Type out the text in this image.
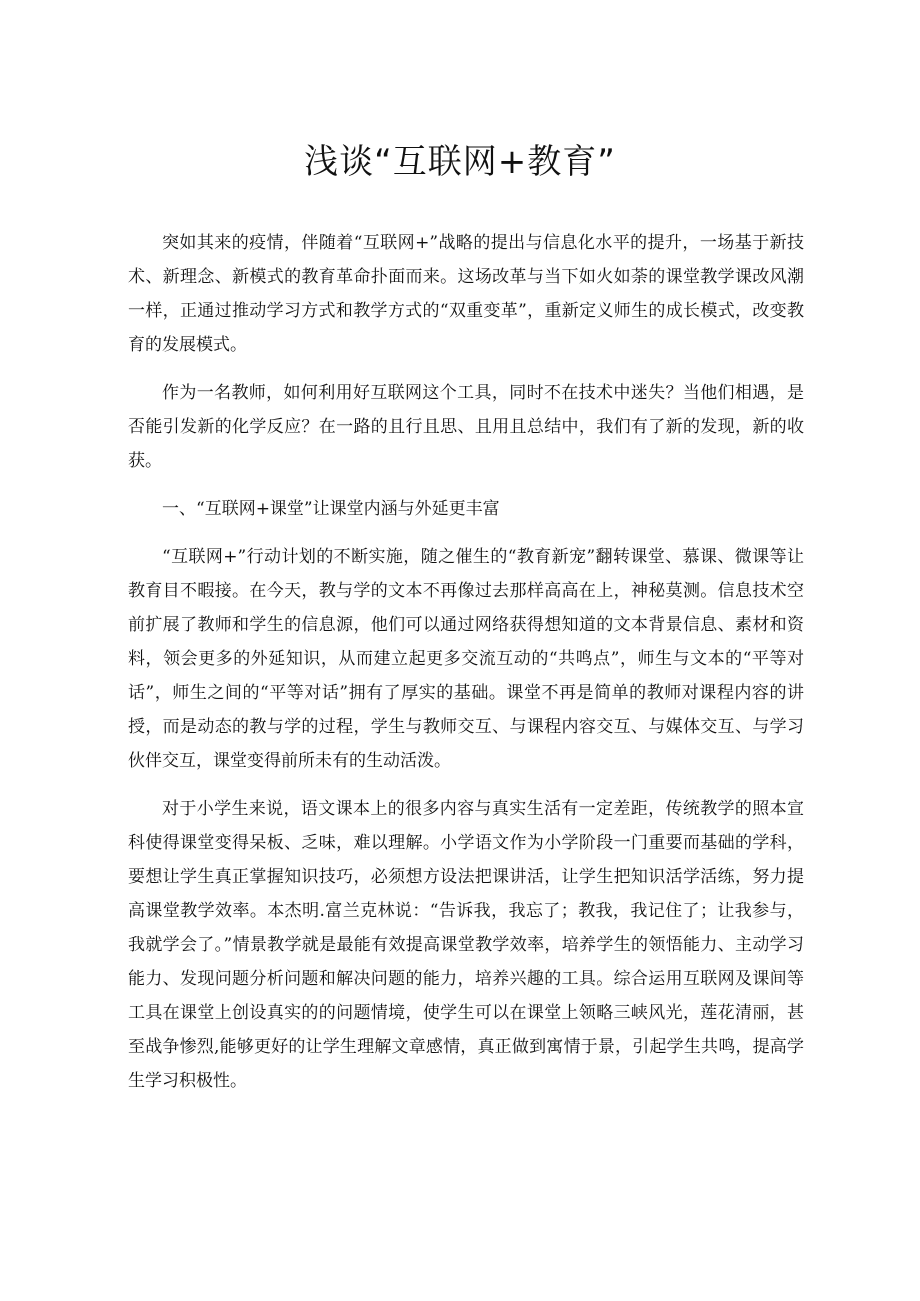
浅谈“互联网+教育”

突如其来的疫情，伴随着“互联网+”战略的提出与信息化水平的提升，一场基于新技术、新理念、新模式的教育革命扑面而来。这场改革与当下如火如荼的课堂教学课改风潮一样，正通过推动学习方式和教学方式的“双重变革”，重新定义师生的成长模式，改变教育的发展模式。

作为一名教师，如何利用好互联网这个工具，同时不在技术中迷失？当他们相遇，是否能引发新的化学反应？在一路的且行且思、且用且总结中，我们有了新的发现，新的收获。

一、“互联网+课堂”让课堂内涵与外延更丰富

“互联网+”行动计划的不断实施，随之催生的“教育新宠”翻转课堂、慕课、微课等让教育目不暇接。在今天，教与学的文本不再像过去那样高高在上，神秘莫测。信息技术空前扩展了教师和学生的信息源，他们可以通过网络获得想知道的文本背景信息、素材和资料，领会更多的外延知识，从而建立起更多交流互动的“共鸣点”，师生与文本的“平等对话”，师生之间的“平等对话”拥有了厚实的基础。课堂不再是简单的教师对课程内容的讲授，而是动态的教与学的过程，学生与教师交互、与课程内容交互、与媒体交互、与学习伙伴交互，课堂变得前所未有的生动活泼。

对于小学生来说，语文课本上的很多内容与真实生活有一定差距，传统教学的照本宣科使得课堂变得呆板、乏味，难以理解。小学语文作为小学阶段一门重要而基础的学科，要想让学生真正掌握知识技巧，必须想方设法把课讲活，让学生把知识活学活练，努力提高课堂教学效率。本杰明.富兰克林说：“告诉我，我忘了；教我，我记住了；让我参与，我就学会了。”情景教学就是最能有效提高课堂教学效率，培养学生的领悟能力、主动学习能力、发现问题分析问题和解决问题的能力，培养兴趣的工具。综合运用互联网及课间等工具在课堂上创设真实的的问题情境，使学生可以在课堂上领略三峡风光，莲花清丽，甚至战争惨烈,能够更好的让学生理解文章感情，真正做到寓情于景，引起学生共鸣，提高学生学习积极性。
